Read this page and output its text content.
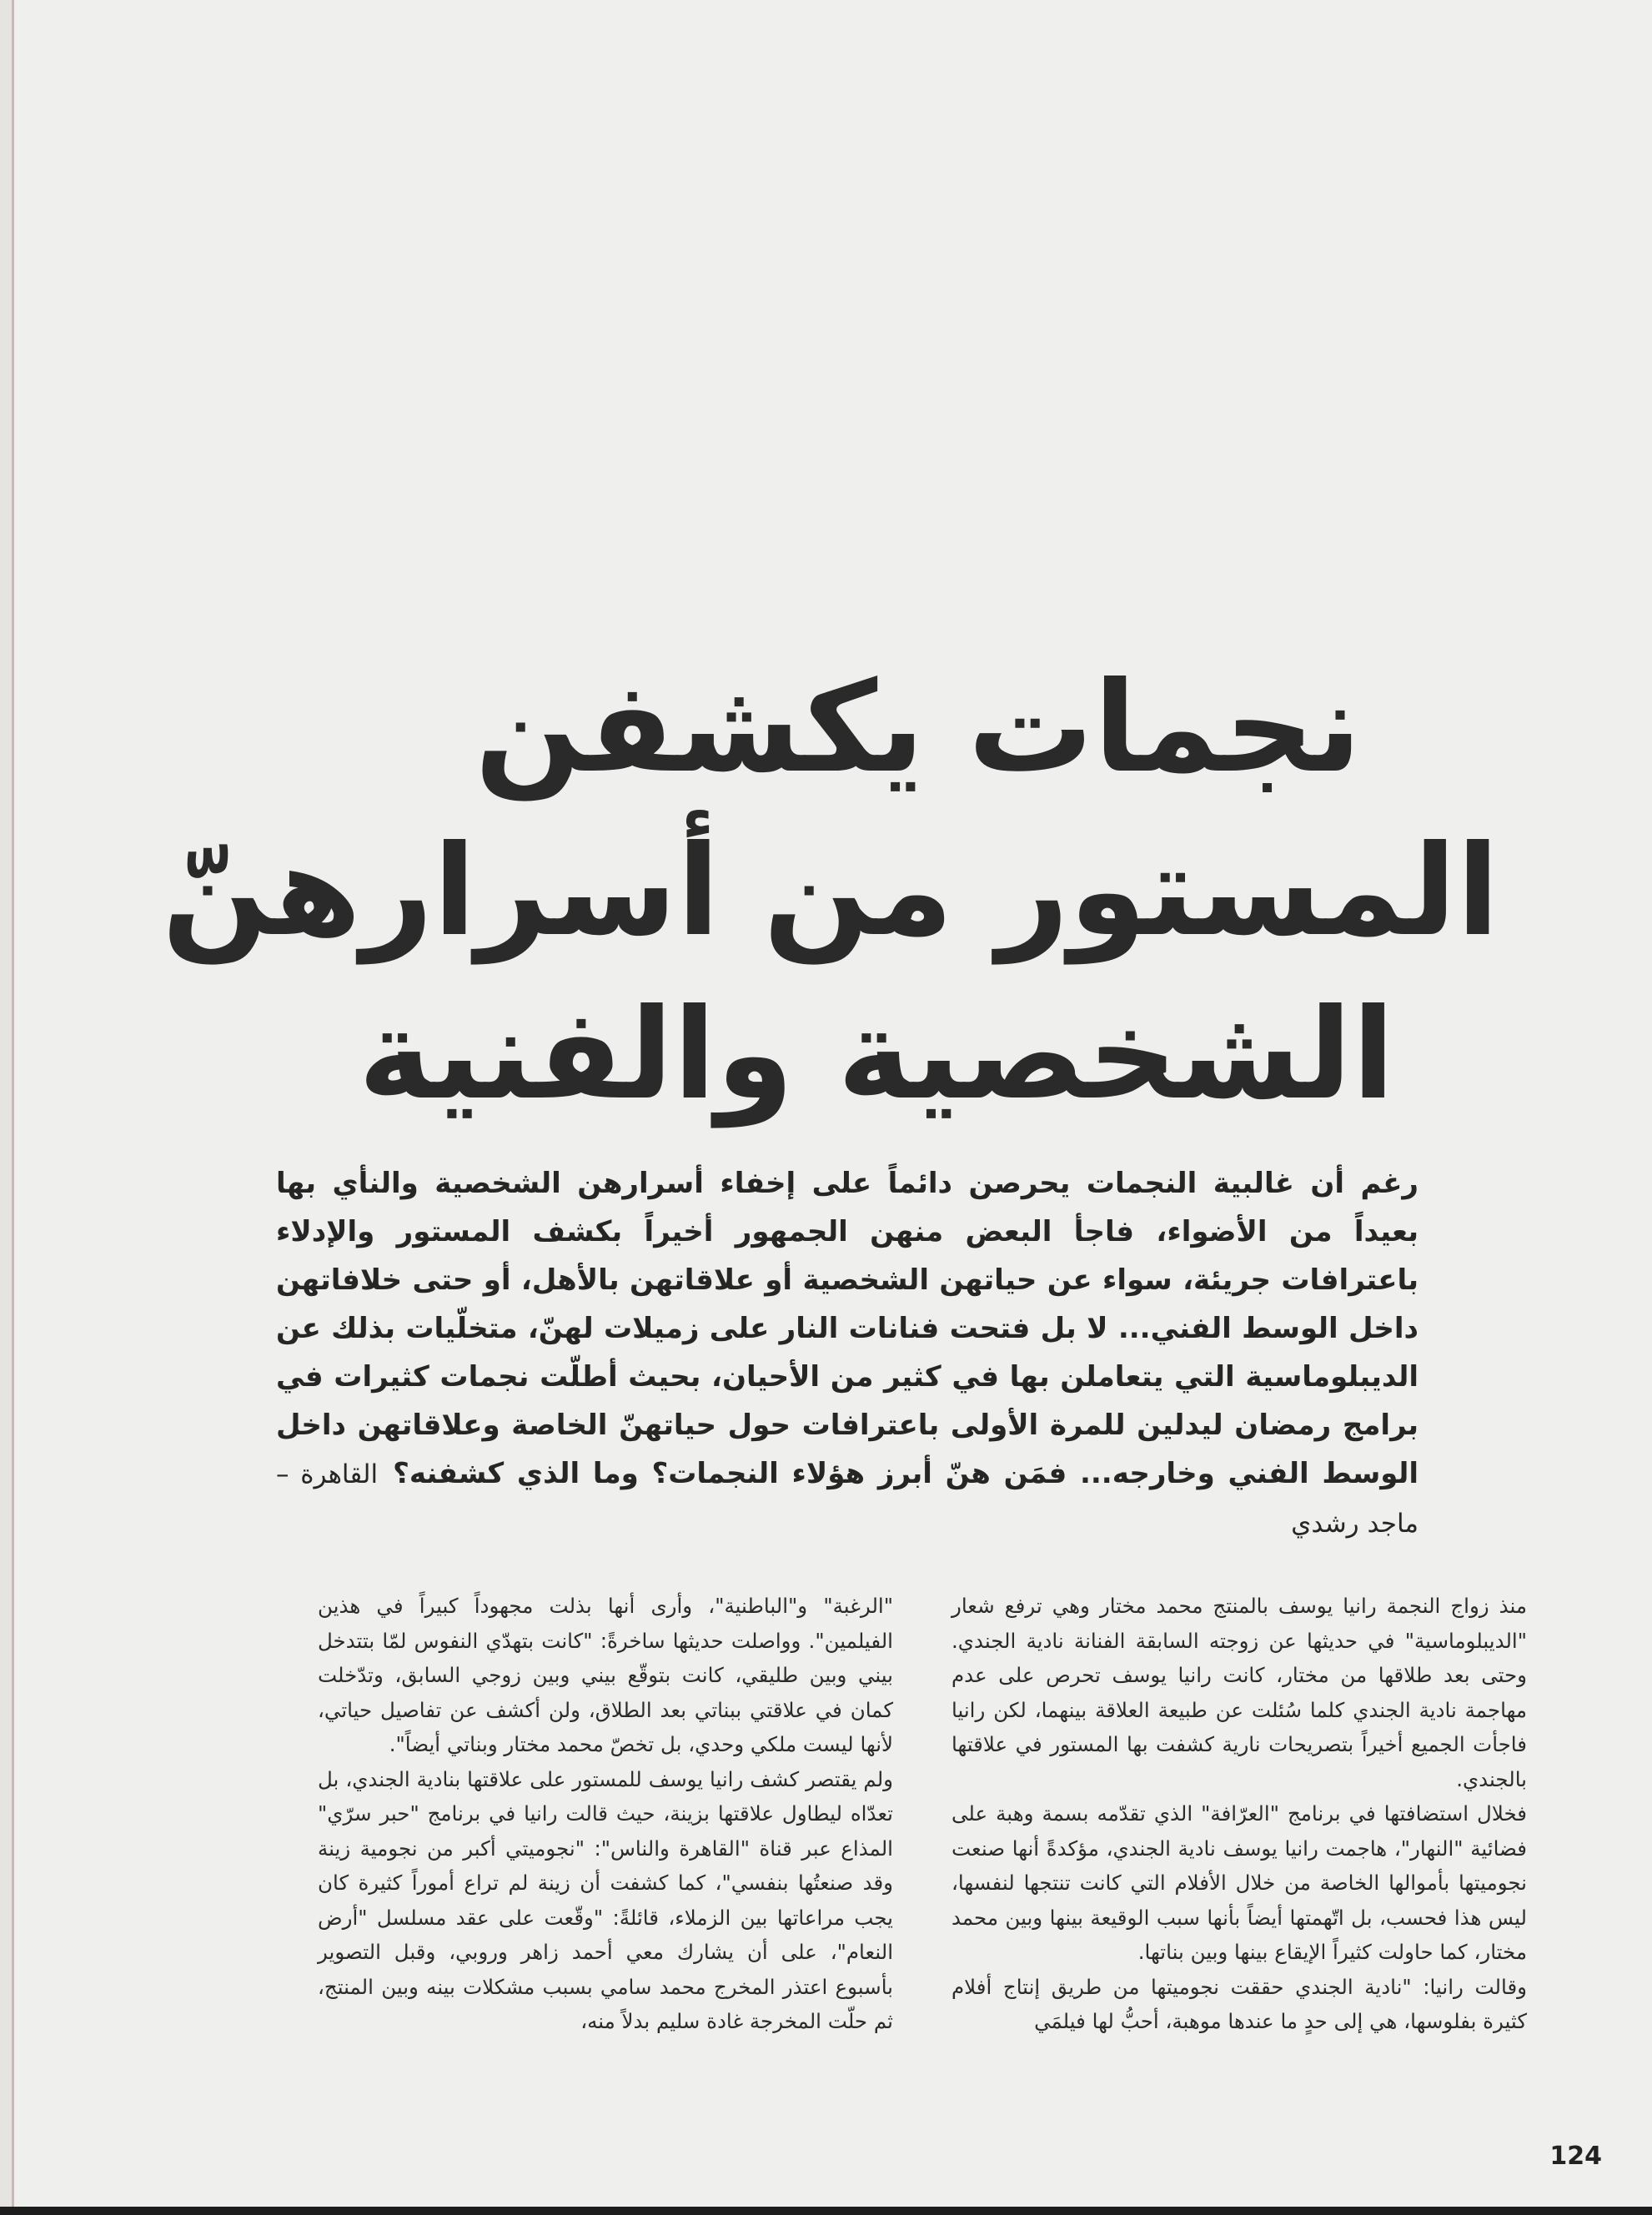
نجمات يكشفن
المستور من أسرارهنّ
الشخصية والفنية
رغم أن غالبية النجمات يحرصن دائماً على إخفاء أسرارهن الشخصية والنأي بها بعيداً من الأضواء، فاجأ البعض منهن الجمهور أخيراً بكشف المستور والإدلاء باعترافات جريئة، سواء عن حياتهن الشخصية أو علاقاتهن بالأهل، أو حتى خلافاتهن داخل الوسط الفني... لا بل فتحت فنانات النار على زميلات لهنّ، متخلّيات بذلك عن الديبلوماسية التي يتعاملن بها في كثير من الأحيان، بحيث أطلّت نجمات كثيرات في برامج رمضان ليدلين للمرة الأولى باعترافات حول حياتهنّ الخاصة وعلاقاتهن داخل الوسط الفني وخارجه... فمَن هنّ أبرز هؤلاء النجمات؟ وما الذي كشفنه؟القاهرة – ماجد رشدي

منذ زواج النجمة رانيا يوسف بالمنتج محمد مختار وهي ترفع شعار "الديبلوماسية" في حديثها عن زوجته السابقة الفنانة نادية الجندي. وحتى بعد طلاقها من مختار، كانت رانيا يوسف تحرص على عدم مهاجمة نادية الجندي كلما سُئلت عن طبيعة العلاقة بينهما، لكن رانيا فاجأت الجميع أخيراً بتصريحات نارية كشفت بها المستور في علاقتها بالجندي.

فخلال استضافتها في برنامج "العرّافة" الذي تقدّمه بسمة وهبة على فضائية "النهار"، هاجمت رانيا يوسف نادية الجندي، مؤكدةً أنها صنعت نجوميتها بأموالها الخاصة من خلال الأفلام التي كانت تنتجها لنفسها، ليس هذا فحسب، بل اتّهمتها أيضاً بأنها سبب الوقيعة بينها وبين محمد مختار، كما حاولت كثيراً الإيقاع بينها وبين بناتها.

وقالت رانيا: "نادية الجندي حققت نجوميتها من طريق إنتاج أفلام كثيرة بفلوسها، هي إلى حدٍ ما عندها موهبة، أحبُّ لها فيلمَي

"الرغبة" و"الباطنية"، وأرى أنها بذلت مجهوداً كبيراً في هذين الفيلمين". وواصلت حديثها ساخرةً: "كانت بتهدّي النفوس لمّا بتتدخل بيني وبين طليقي، كانت بتوقّع بيني وبين زوجي السابق، وتدّخلت كمان في علاقتي ببناتي بعد الطلاق، ولن أكشف عن تفاصيل حياتي، لأنها ليست ملكي وحدي، بل تخصّ محمد مختار وبناتي أيضاً".

ولم يقتصر كشف رانيا يوسف للمستور على علاقتها بنادية الجندي، بل تعدّاه ليطاول علاقتها بزينة، حيث قالت رانيا في برنامج "حبر سرّي" المذاع عبر قناة "القاهرة والناس": "نجوميتي أكبر من نجومية زينة وقد صنعتُها بنفسي"، كما كشفت أن زينة لم تراع أموراً كثيرة كان يجب مراعاتها بين الزملاء، قائلةً: "وقّعت على عقد مسلسل "أرض النعام"، على أن يشارك معي أحمد زاهر وروبي، وقبل التصوير بأسبوع اعتذر المخرج محمد سامي بسبب مشكلات بينه وبين المنتج، ثم حلّت المخرجة غادة سليم بدلاً منه،

124
